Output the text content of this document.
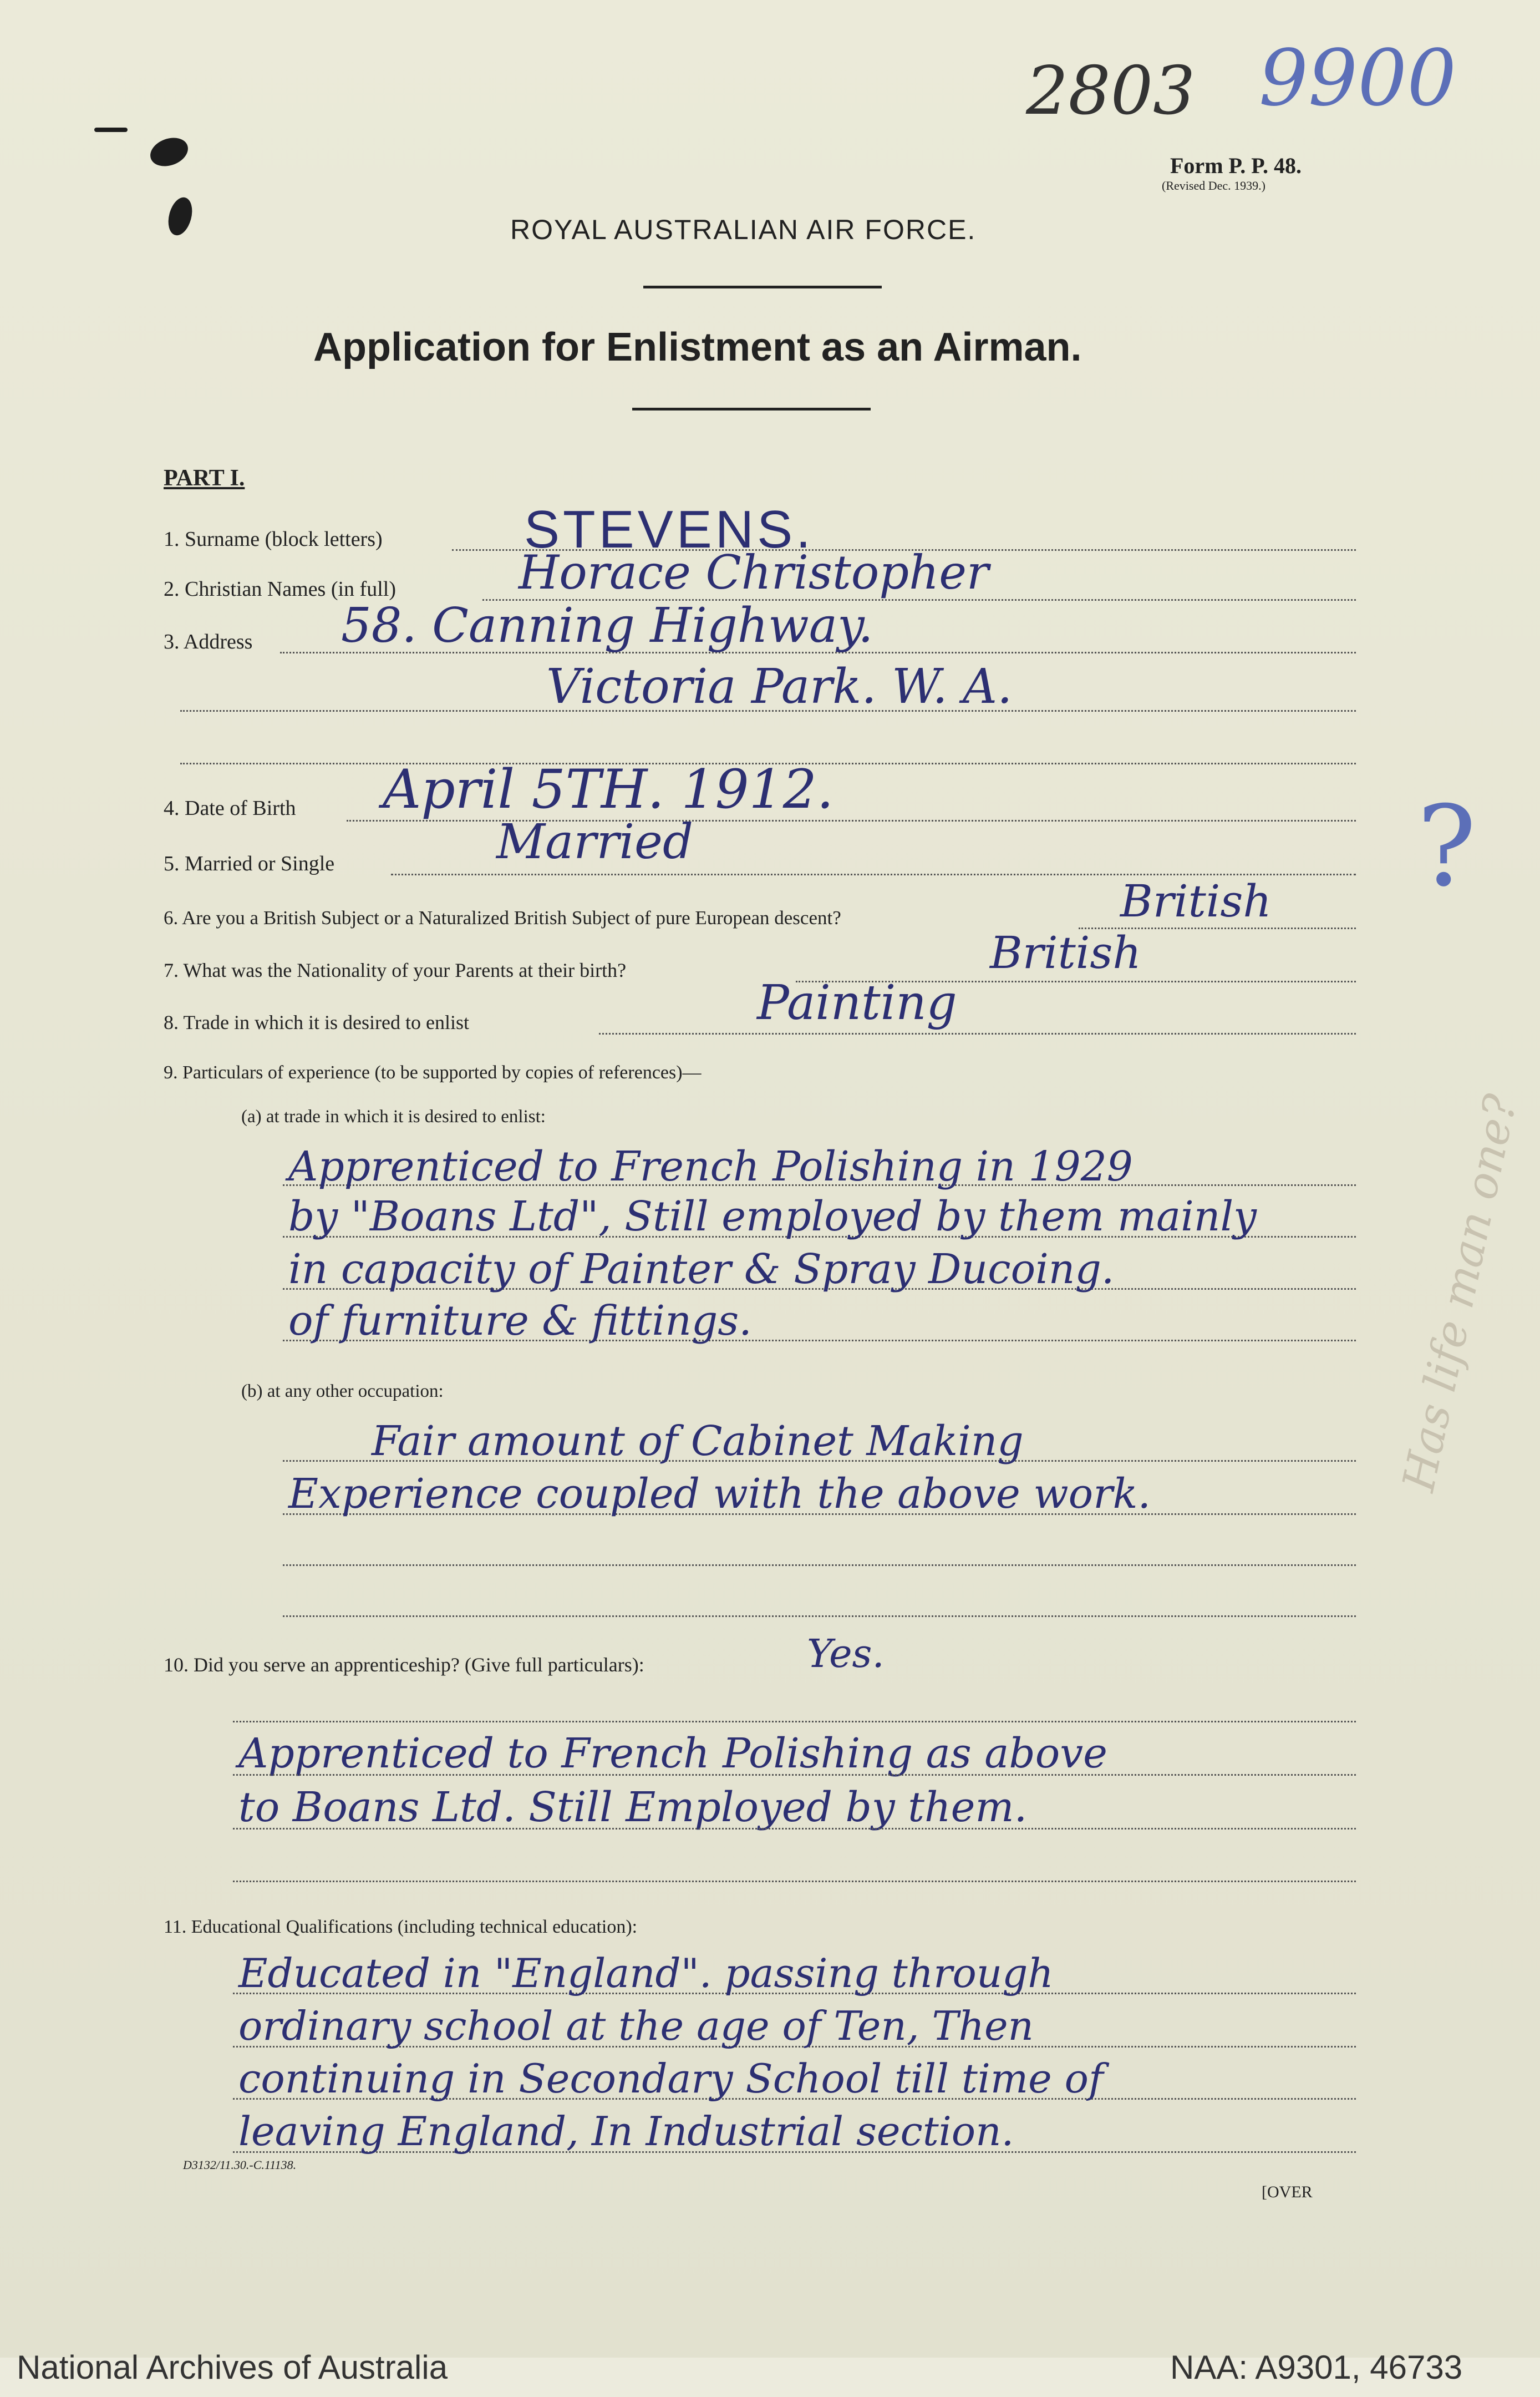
2803 9900
Form P. P. 48.
(Revised Dec. 1939.)
ROYAL AUSTRALIAN AIR FORCE.
Application for Enlistment as an Airman.
PART I.
1. Surname (block letters)	STEVENS.
2. Christian Names (in full)	Horace Christopher
3. Address 58. Canning Highway.
Victoria Park. W. A.
4. Date of Birth April 5TH. 1912.
5. Married or Single	Married
6. Are you a British Subject or a Naturalized British Subject of pure European descent?	British
7. What was the Nationality of your Parents at their birth?	British
8. Trade in which it is desired to enlist	Painting
9. Particulars of experience (to be supported by copies of references)—
(a) at trade in which it is desired to enlist:
Apprenticed to French Polishing in 1929
by "Boans Ltd", Still employed by them mainly
in capacity of Painter & Spray Ducoing.
of furniture & fittings.
(b) at any other occupation:
Fair amount of Cabinet Making
Experience coupled with the above work.
10. Did you serve an apprenticeship? (Give full particulars):	Yes.
Apprenticed to French Polishing as above
to Boans Ltd. Still Employed by them.
11. Educational Qualifications (including technical education):
Educated in "England". passing through
ordinary school at the age of Ten, Then
continuing in Secondary School till time of
leaving England, In Industrial section.
D3132/11.30.-C.11138.
[OVER
?
Has life man one?
National Archives of Australia	NAA: A9301, 46733
